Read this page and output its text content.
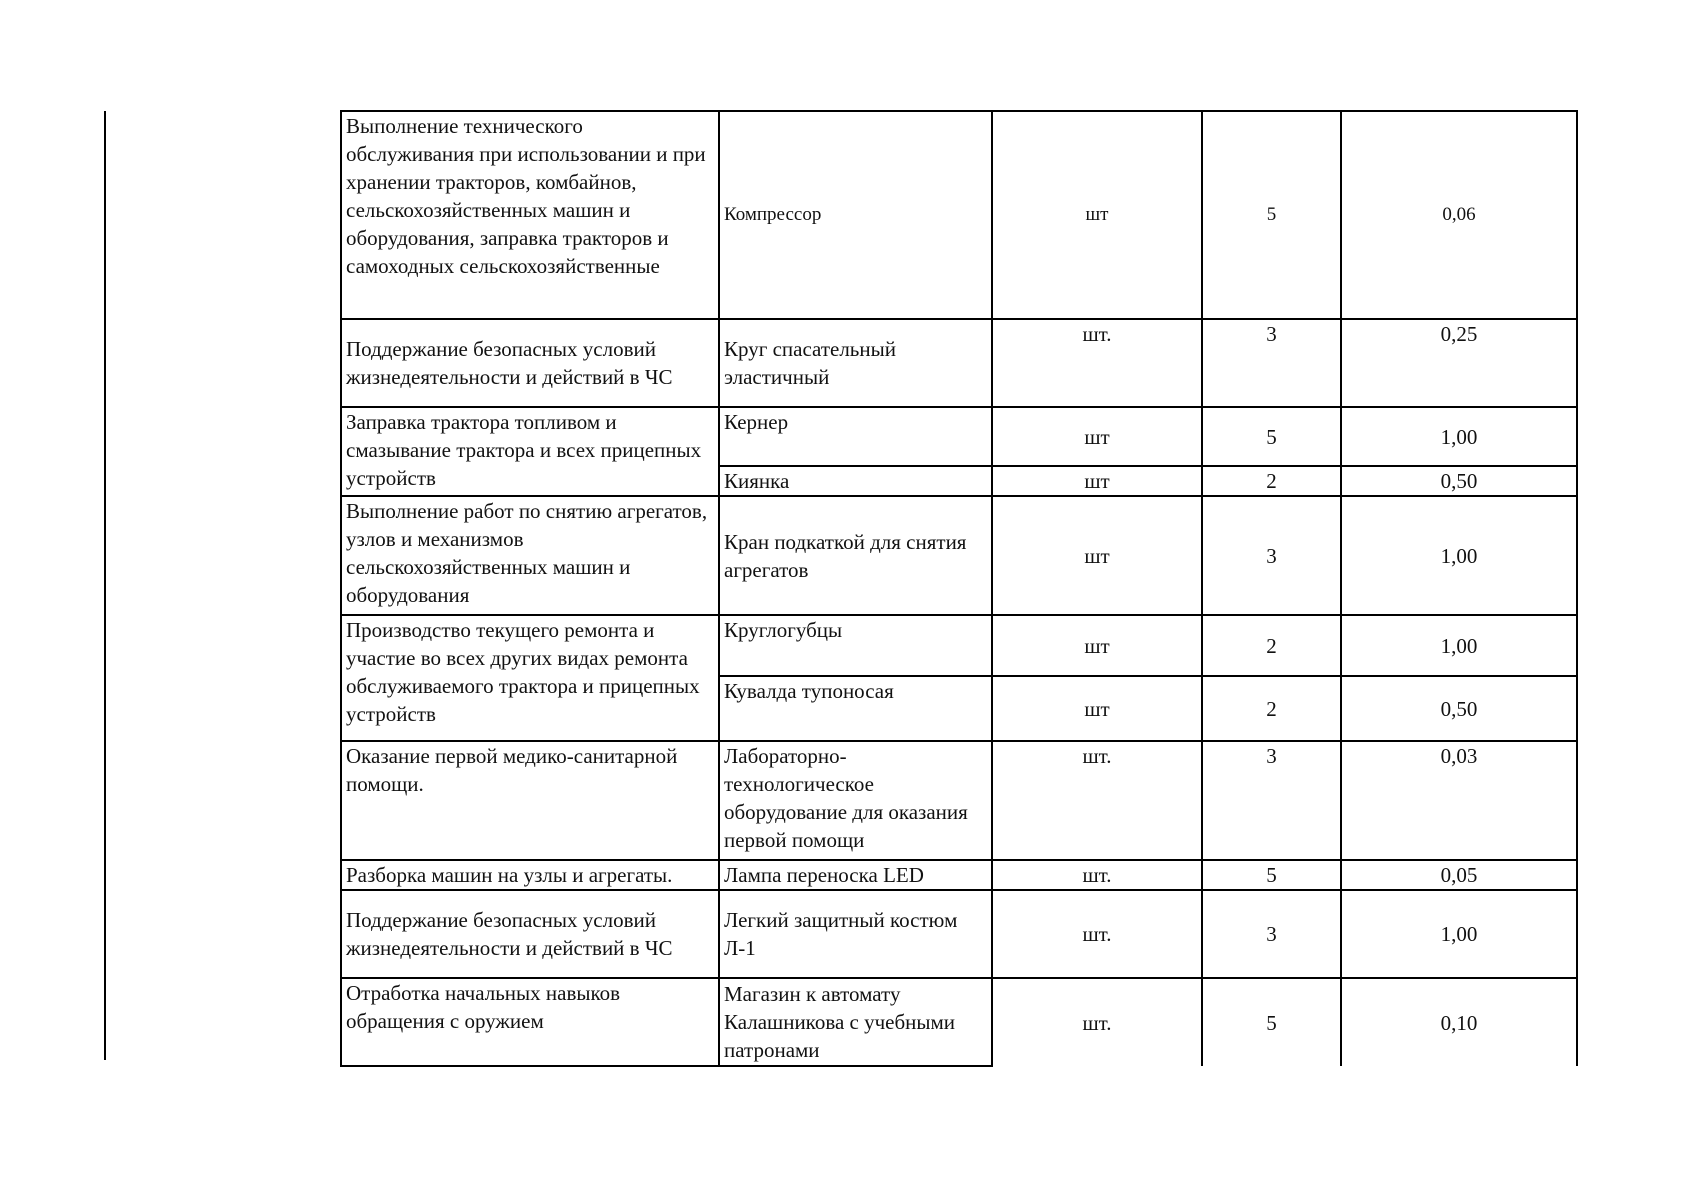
Выполнение технического обслуживания при использовании и при хранении тракторов, комбайнов, сельскохозяйственных машин и оборудования, заправка тракторов и самоходных сельскохозяйственные	Компрессор	шт	5	0,06
Поддержание безопасных условий жизнедеятельности и действий в ЧС	Круг спасательный эластичный	шт.	3	0,25
Заправка трактора топливом и смазывание трактора и всех прицепных устройств	Кернер	шт	5	1,00
	Киянка	шт	2	0,50
Выполнение работ по снятию агрегатов, узлов и механизмов сельскохозяйственных машин и оборудования	Кран подкаткой для снятия агрегатов	шт	3	1,00
Производство текущего ремонта и участие во всех других видах ремонта обслуживаемого трактора и прицепных устройств	Круглогубцы	шт	2	1,00
	Кувалда тупоносая	шт	2	0,50
Оказание первой медико-санитарной помощи.	Лабораторно-технологическое оборудование для оказания первой помощи	шт.	3	0,03
Разборка машин на узлы и агрегаты.	Лампа переноска LED	шт.	5	0,05
Поддержание безопасных условий жизнедеятельности и действий в ЧС	Легкий защитный костюм Л-1	шт.	3	1,00
Отработка начальных навыков обращения с оружием	Магазин к автомату Калашникова с учебными патронами	шт.	5	0,10
